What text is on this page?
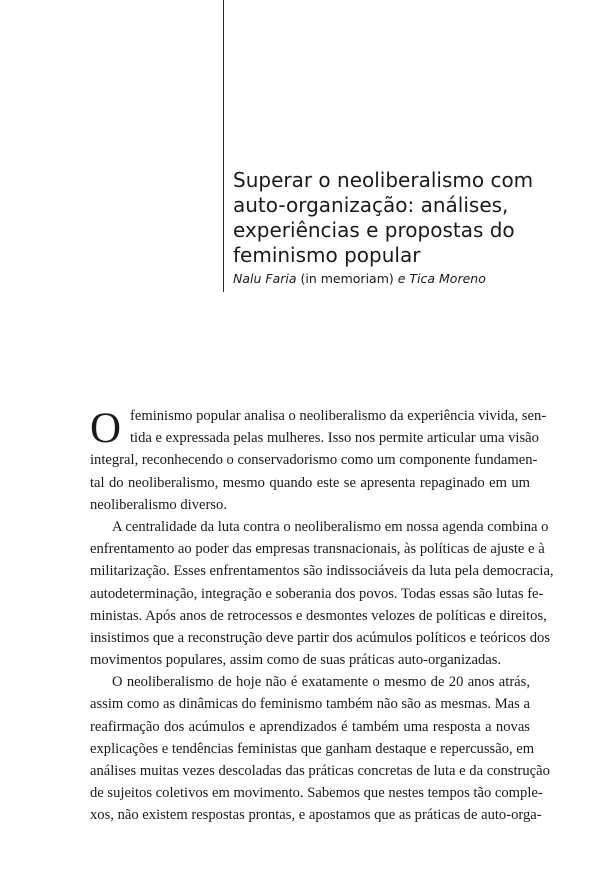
Superar o neoliberalismo com
auto-organização: análises,
experiências e propostas do
feminismo popular
Nalu Faria (in memoriam) e Tica Moreno
O feminismo popular analisa o neoliberalismo da experiência vivida, sen-
tida e expressada pelas mulheres. Isso nos permite articular uma visão
integral, reconhecendo o conservadorismo como um componente fundamen-
tal do neoliberalismo, mesmo quando este se apresenta repaginado em um
neoliberalismo diverso.
A centralidade da luta contra o neoliberalismo em nossa agenda combina o
enfrentamento ao poder das empresas transnacionais, às políticas de ajuste e à
militarização. Esses enfrentamentos são indissociáveis da luta pela democracia,
autodeterminação, integração e soberania dos povos. Todas essas são lutas fe-
ministas. Após anos de retrocessos e desmontes velozes de políticas e direitos,
insistimos que a reconstrução deve partir dos acúmulos políticos e teóricos dos
movimentos populares, assim como de suas práticas auto-organizadas.
O neoliberalismo de hoje não é exatamente o mesmo de 20 anos atrás,
assim como as dinâmicas do feminismo também não são as mesmas. Mas a
reafirmação dos acúmulos e aprendizados é também uma resposta a novas
explicações e tendências feministas que ganham destaque e repercussão, em
análises muitas vezes descoladas das práticas concretas de luta e da construção
de sujeitos coletivos em movimento. Sabemos que nestes tempos tão comple-
xos, não existem respostas prontas, e apostamos que as práticas de auto-orga-
